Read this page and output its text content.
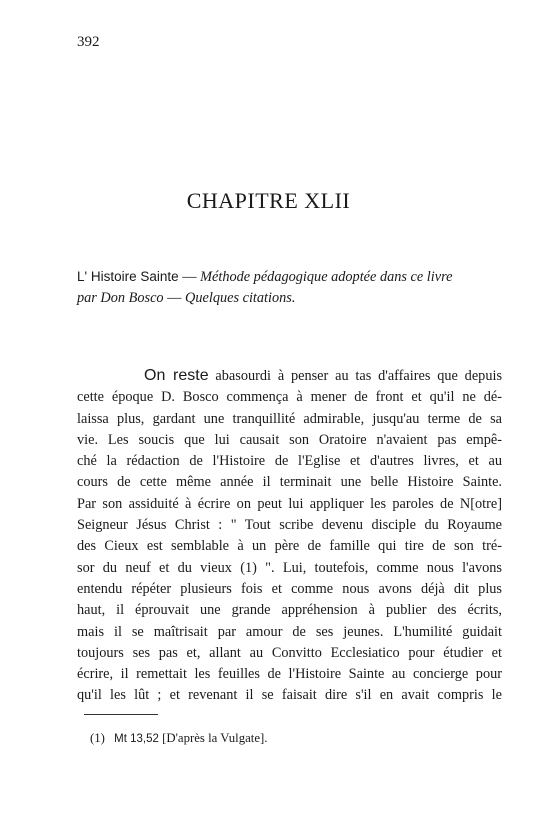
392
CHAPITRE XLII
L' Histoire Sainte — Méthode pédagogique adoptée dans ce livre
par Don Bosco — Quelques citations.
On reste abasourdi à penser au tas d'affaires que depuis
cette époque D. Bosco commença à mener de front et qu'il ne dé-
laissa plus, gardant une tranquillité admirable, jusqu'au terme de sa
vie. Les soucis que lui causait son Oratoire n'avaient pas empê-
ché la rédaction de l'Histoire de l'Eglise et d'autres livres, et au
cours de cette même année il terminait une belle Histoire Sainte.
Par son assiduité à écrire on peut lui appliquer les paroles de N[otre]
Seigneur Jésus Christ : " Tout scribe devenu disciple du Royaume
des Cieux est semblable à un père de famille qui tire de son tré-
sor du neuf et du vieux (1) ". Lui, toutefois, comme nous l'avons
entendu répéter plusieurs fois et comme nous avons déjà dit plus
haut, il éprouvait une grande appréhension à publier des écrits,
mais il se maîtrisait par amour de ses jeunes. L'humilité guidait
toujours ses pas et, allant au Convitto Ecclesiatico pour étudier et
écrire, il remettait les feuilles de l'Histoire Sainte au concierge pour
qu'il les lût ; et revenant il se faisait dire s'il en avait compris le
(1) Mt 13,52 [D'après la Vulgate].
